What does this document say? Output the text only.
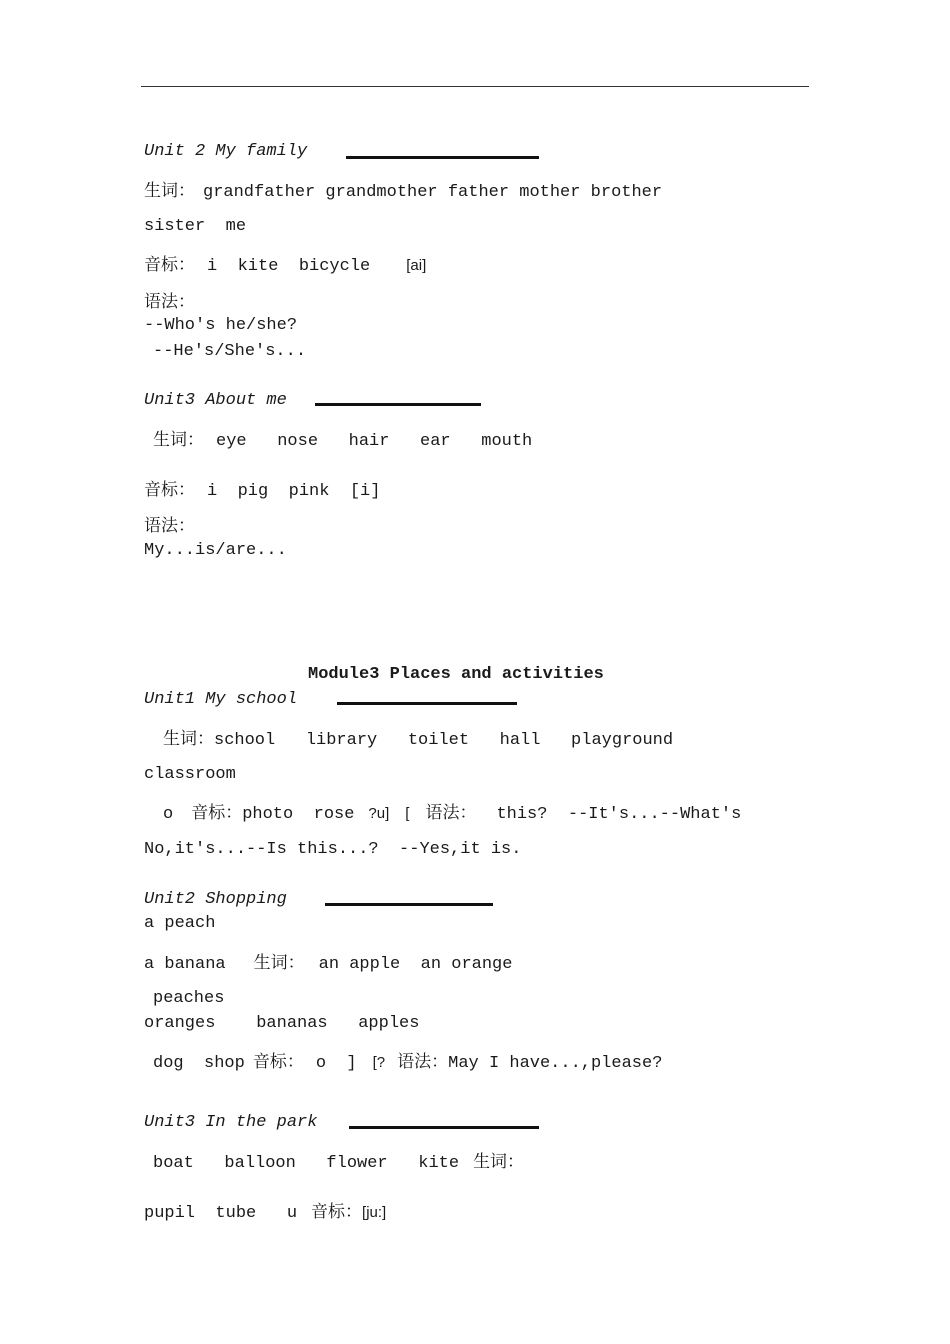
Unit 2 My family
生词： grandfather grandmother father mother brother
sister  me
音标： i  kite  bicycle [ai]
语法：
--Who's he/she?
--He's/She's...
Unit3 About me
生词： eye   nose   hair   ear   mouth
音标： i  pig  pink  [i]
语法：
My...is/are...
Module3 Places and activities
Unit1 My school
生词：school   library   toilet   hall   playground
classroom
o 音标：photo  rose ?u] [ 语法： this?  --It's...--What's
No,it's...--Is this...?  --Yes,it is.
Unit2 Shopping
a peach
a banana 生词： an apple  an orange
peaches
oranges    bananas   apples
dog  shop 音标： o  ] [? 语法：May I have...,please?
Unit3 In the park
boat   balloon   flower   kite 生词：
pupil  tube   u 音标：[ju:]
